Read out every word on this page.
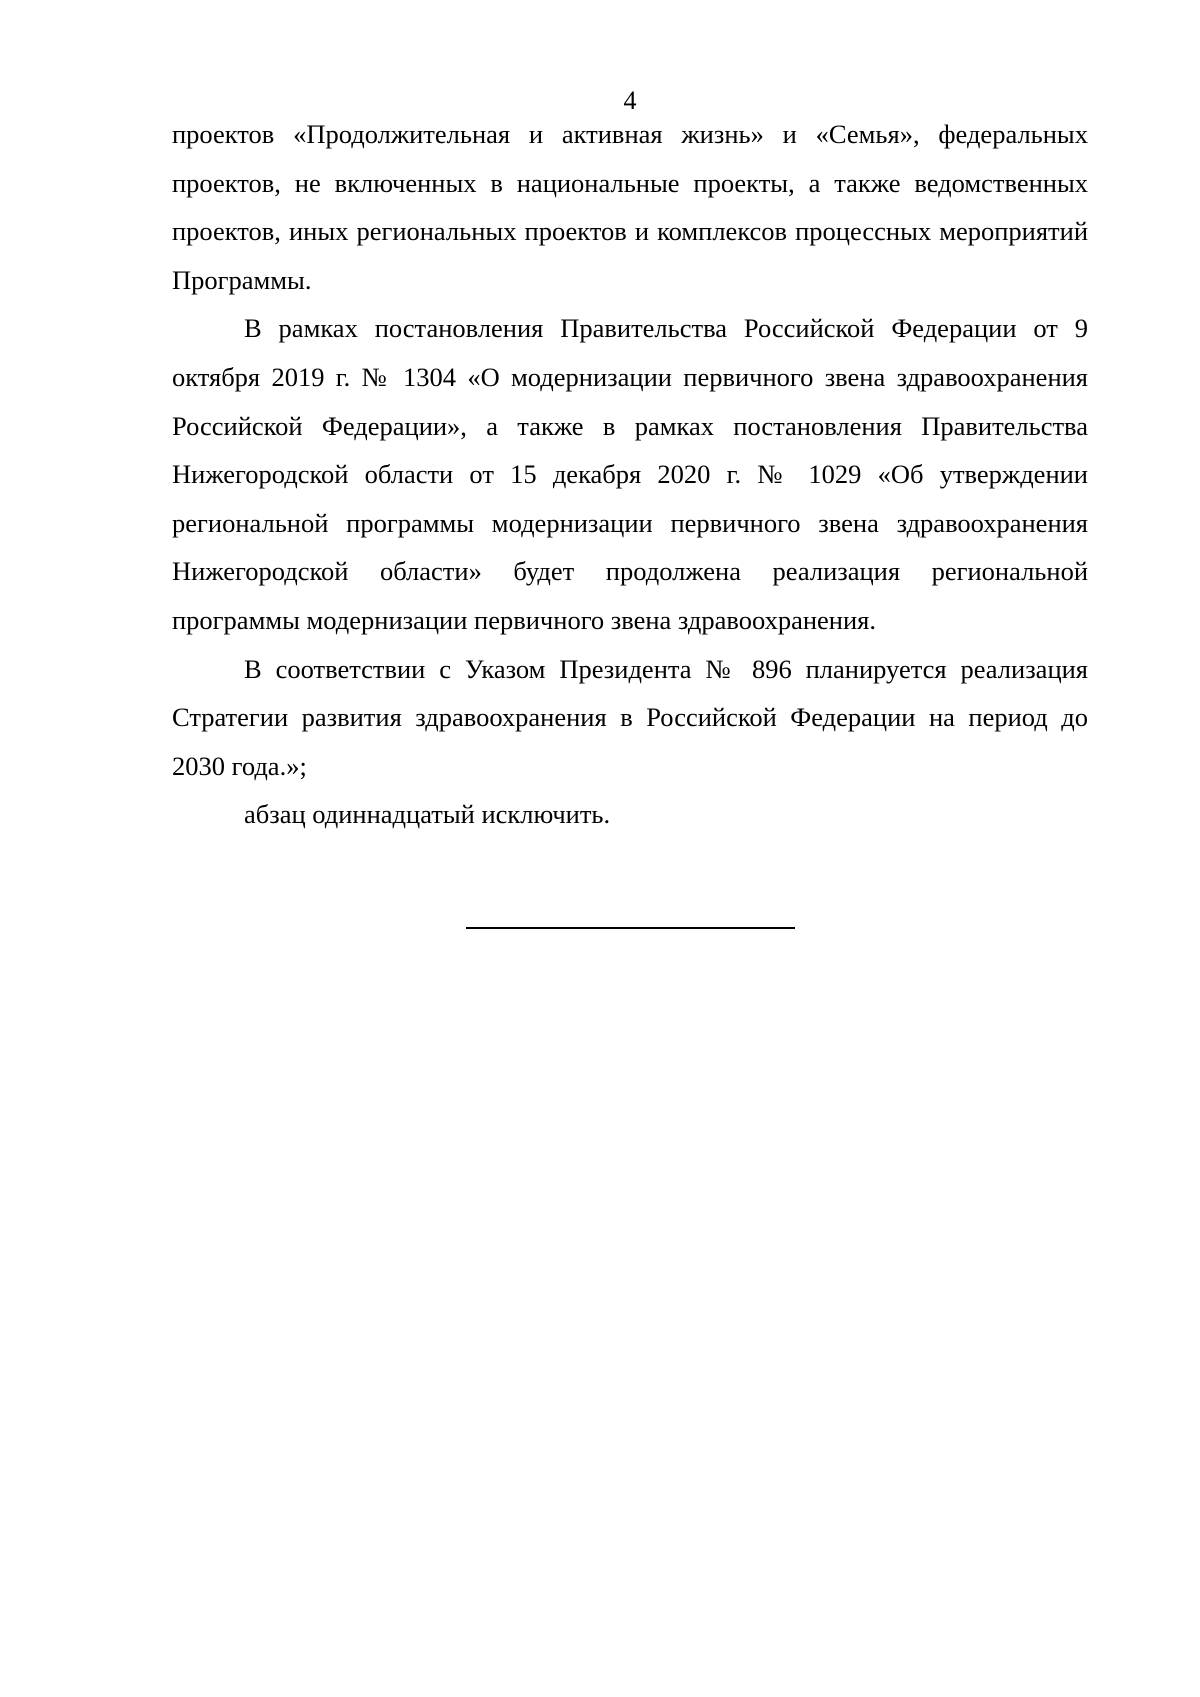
4

проектов «Продолжительная и активная жизнь» и «Семья», федеральных проектов, не включенных в национальные проекты, а также ведомственных проектов, иных региональных проектов и комплексов процессных мероприятий Программы.

В рамках постановления Правительства Российской Федерации от 9 октября 2019 г. № 1304 «О модернизации первичного звена здравоохранения Российской Федерации», а также в рамках постановления Правительства Нижегородской области от 15 декабря 2020 г. № 1029 «Об утверждении региональной программы модернизации первичного звена здравоохранения Нижегородской области» будет продолжена реализация региональной программы модернизации первичного звена здравоохранения.

В соответствии с Указом Президента № 896 планируется реализация Стратегии развития здравоохранения в Российской Федерации на период до 2030 года.»;

абзац одиннадцатый исключить.
